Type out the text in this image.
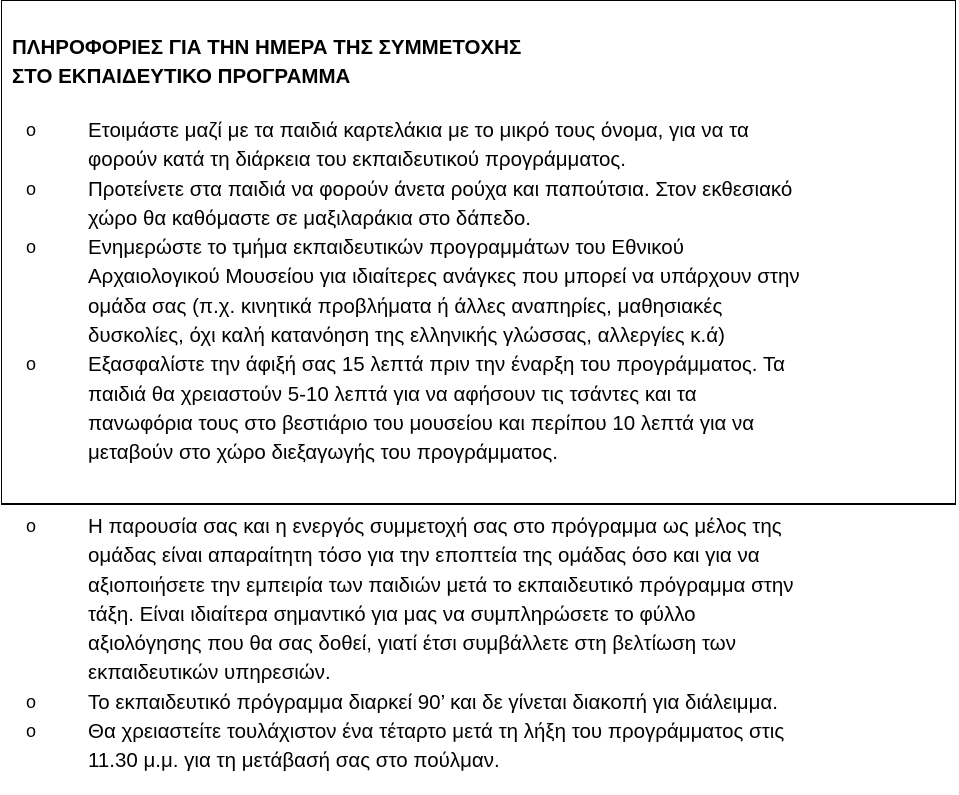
ΠΛΗΡΟΦΟΡΙΕΣ ΓΙΑ ΤΗΝ ΗΜΕΡΑ ΤΗΣ ΣΥΜΜΕΤΟΧΗΣ
ΣΤΟ ΕΚΠΑΙΔΕΥΤΙΚΟ ΠΡΟΓΡΑΜΜΑ
o	Ετοιμάστε μαζί με τα παιδιά καρτελάκια με το μικρό τους όνομα, για να τα
φορούν κατά τη διάρκεια του εκπαιδευτικού προγράμματος.
o	Προτείνετε στα παιδιά να φορούν άνετα ρούχα και παπούτσια. Στον εκθεσιακό
χώρο θα καθόμαστε σε μαξιλαράκια στο δάπεδο.
o	Ενημερώστε το τμήμα εκπαιδευτικών προγραμμάτων του Εθνικού
Αρχαιολογικού Μουσείου για ιδιαίτερες ανάγκες που μπορεί να υπάρχουν στην
ομάδα σας (π.χ. κινητικά προβλήματα ή άλλες αναπηρίες, μαθησιακές
δυσκολίες, όχι καλή κατανόηση της ελληνικής γλώσσας, αλλεργίες κ.ά)
o	Εξασφαλίστε την άφιξή σας 15 λεπτά πριν την έναρξη του προγράμματος. Τα
παιδιά θα χρειαστούν 5-10 λεπτά για να αφήσουν τις τσάντες και τα
πανωφόρια τους στο βεστιάριο του μουσείου και περίπου 10 λεπτά για να
μεταβούν στο χώρο διεξαγωγής του προγράμματος.
o	Η παρουσία σας και η ενεργός συμμετοχή σας στο πρόγραμμα ως μέλος της
ομάδας είναι απαραίτητη τόσο για την εποπτεία της ομάδας όσο και για να
αξιοποιήσετε την εμπειρία των παιδιών μετά το εκπαιδευτικό πρόγραμμα στην
τάξη. Είναι ιδιαίτερα σημαντικό για μας να συμπληρώσετε το φύλλο
αξιολόγησης που θα σας δοθεί, γιατί έτσι συμβάλλετε στη βελτίωση των
εκπαιδευτικών υπηρεσιών.
o	Το εκπαιδευτικό πρόγραμμα διαρκεί 90’ και δε γίνεται διακοπή για διάλειμμα.
o	Θα χρειαστείτε τουλάχιστον ένα τέταρτο μετά τη λήξη του προγράμματος στις
11.30 μ.μ. για τη μετάβασή σας στο πούλμαν.
